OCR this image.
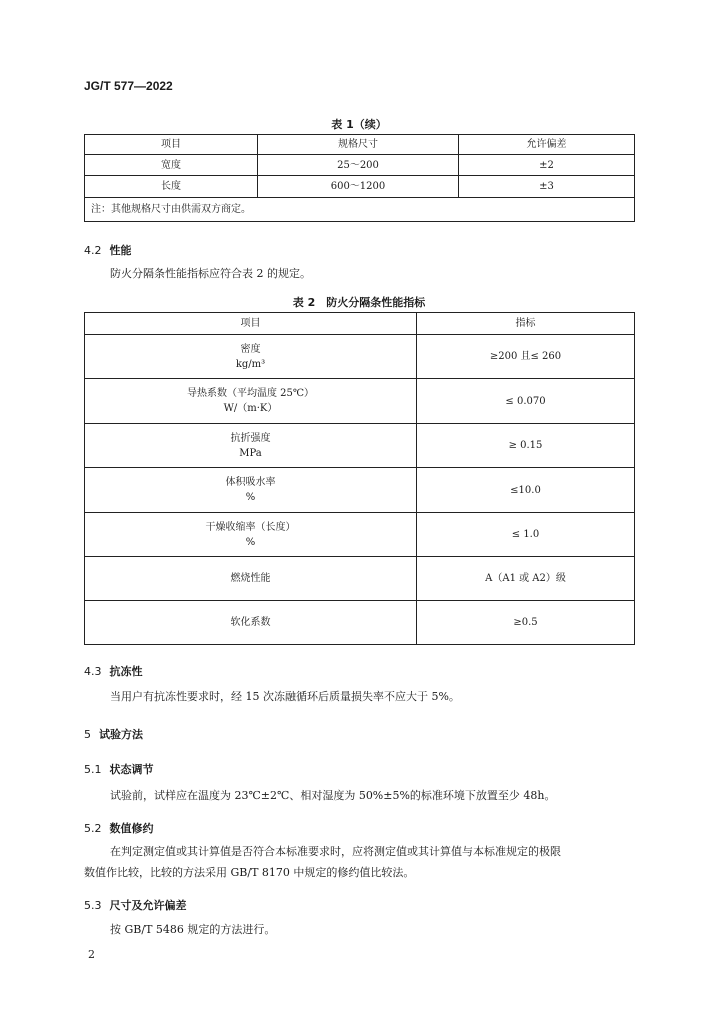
JG/T 577—2022
表 1（续）
项目	规格尺寸	允许偏差
宽度	25～200	±2
长度	600～1200	±3
注：其他规格尺寸由供需双方商定。		
4.2 性能
防火分隔条性能指标应符合表 2 的规定。
表 2　防火分隔条性能指标
项目	指标

密度
kg/m³	≥200 且≤ 260

导热系数（平均温度 25℃）
W/（m·K）	≤ 0.070

抗折强度
MPa	≥ 0.15

体积吸水率
%	≤10.0

干燥收缩率（长度）
%	≤ 1.0
燃烧性能	A（A1 或 A2）级
软化系数	≥0.5
4.3 抗冻性
当用户有抗冻性要求时，经 15 次冻融循环后质量损失率不应大于 5%。
5 试验方法
5.1 状态调节
试验前，试样应在温度为 23℃±2℃、相对湿度为 50%±5%的标准环境下放置至少 48h。
5.2 数值修约
在判定测定值或其计算值是否符合本标准要求时，应将测定值或其计算值与本标准规定的极限
数值作比较，比较的方法采用 GB/T 8170 中规定的修约值比较法。
5.3 尺寸及允许偏差
按 GB/T 5486 规定的方法进行。
2
